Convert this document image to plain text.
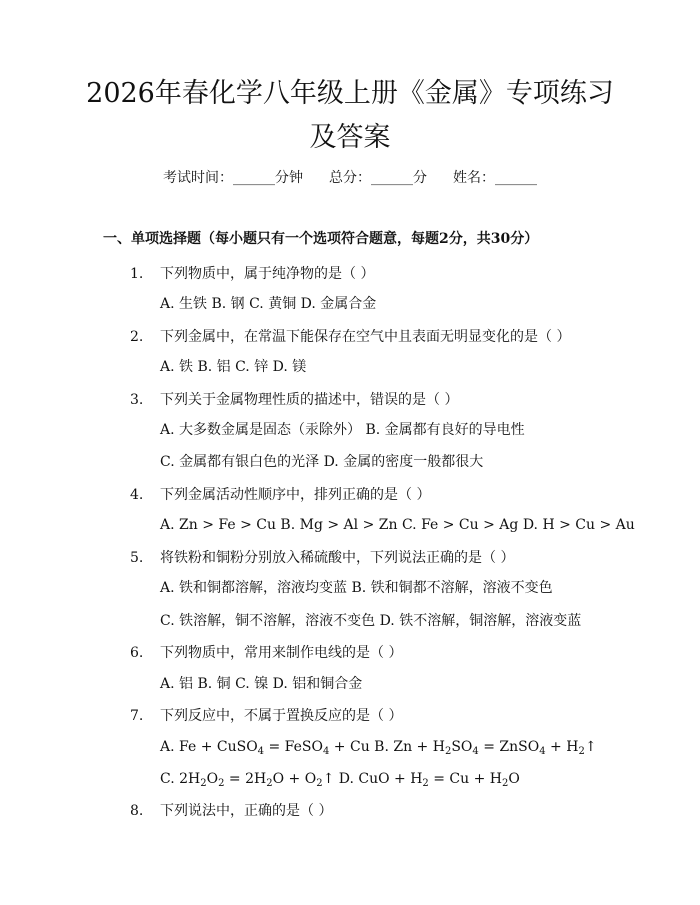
2026年春化学八年级上册《金属》专项练习
及答案
考试时间：______分钟 总分：______分 姓名：______
一、单项选择题（每小题只有一个选项符合题意，每题2分，共30分）
1. 下列物质中，属于纯净物的是（ ）
A. 生铁 B. 钢 C. 黄铜 D. 金属合金
2. 下列金属中，在常温下能保存在空气中且表面无明显变化的是（ ）
A. 铁 B. 铝 C. 锌 D. 镁
3. 下列关于金属物理性质的描述中，错误的是（ ）
A. 大多数金属是固态（汞除外） B. 金属都有良好的导电性
C. 金属都有银白色的光泽 D. 金属的密度一般都很大
4. 下列金属活动性顺序中，排列正确的是（ ）
A. Zn > Fe > Cu B. Mg > Al > Zn C. Fe > Cu > Ag D. H > Cu > Au
5. 将铁粉和铜粉分别放入稀硫酸中，下列说法正确的是（ ）
A. 铁和铜都溶解，溶液均变蓝 B. 铁和铜都不溶解，溶液不变色
C. 铁溶解，铜不溶解，溶液不变色 D. 铁不溶解，铜溶解，溶液变蓝
6. 下列物质中，常用来制作电线的是（ ）
A. 铝 B. 铜 C. 镍 D. 铝和铜合金
7. 下列反应中，不属于置换反应的是（ ）
A. Fe + CuSO$_4$ = FeSO$_4$ + Cu B. $Zn + H_2SO_4$ = ZnSO$_4$ + $H_2↑$
C. $2H_2O_2 = 2H_2O$ + $O_2↑$ D. CuO + $H_2 = Cu + H_2O$
8. 下列说法中，正确的是（ ）
